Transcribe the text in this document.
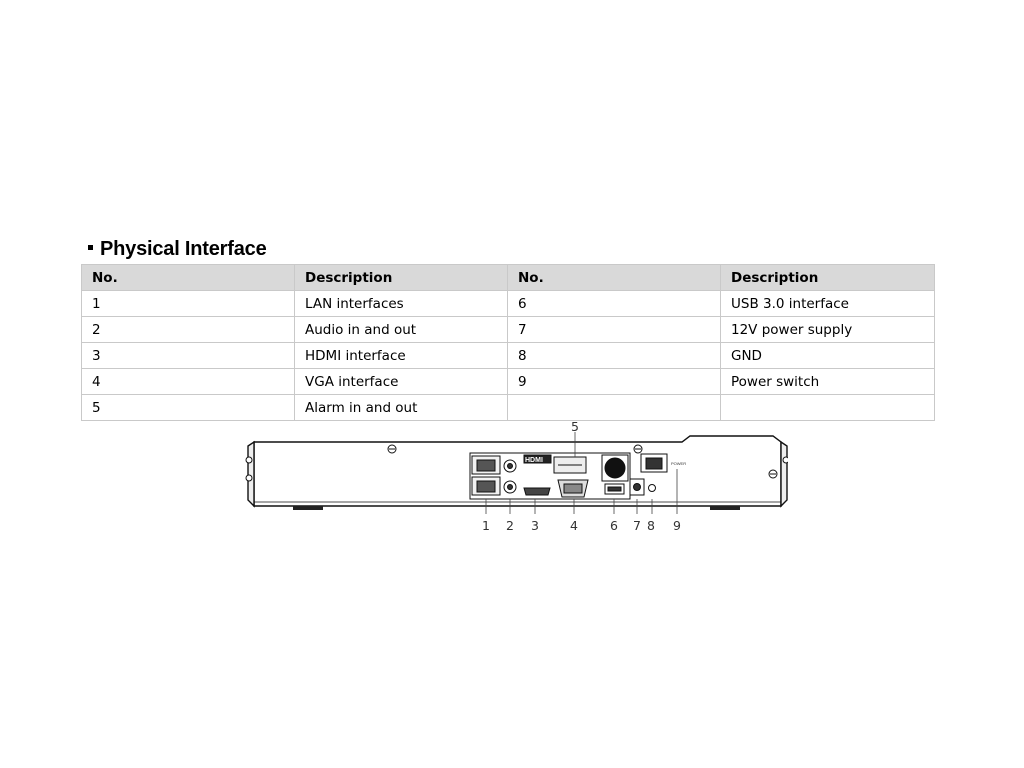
Physical Interface
No.	Description	No.	Description
1	LAN interfaces	6	USB 3.0 interface
2	Audio in and out	7	12V power supply
3	HDMI interface	8	GND
4	VGA interface	9	Power switch
5	Alarm in and out		
HDMI	POWER
1 2 3 4
5
6 7 8 9
